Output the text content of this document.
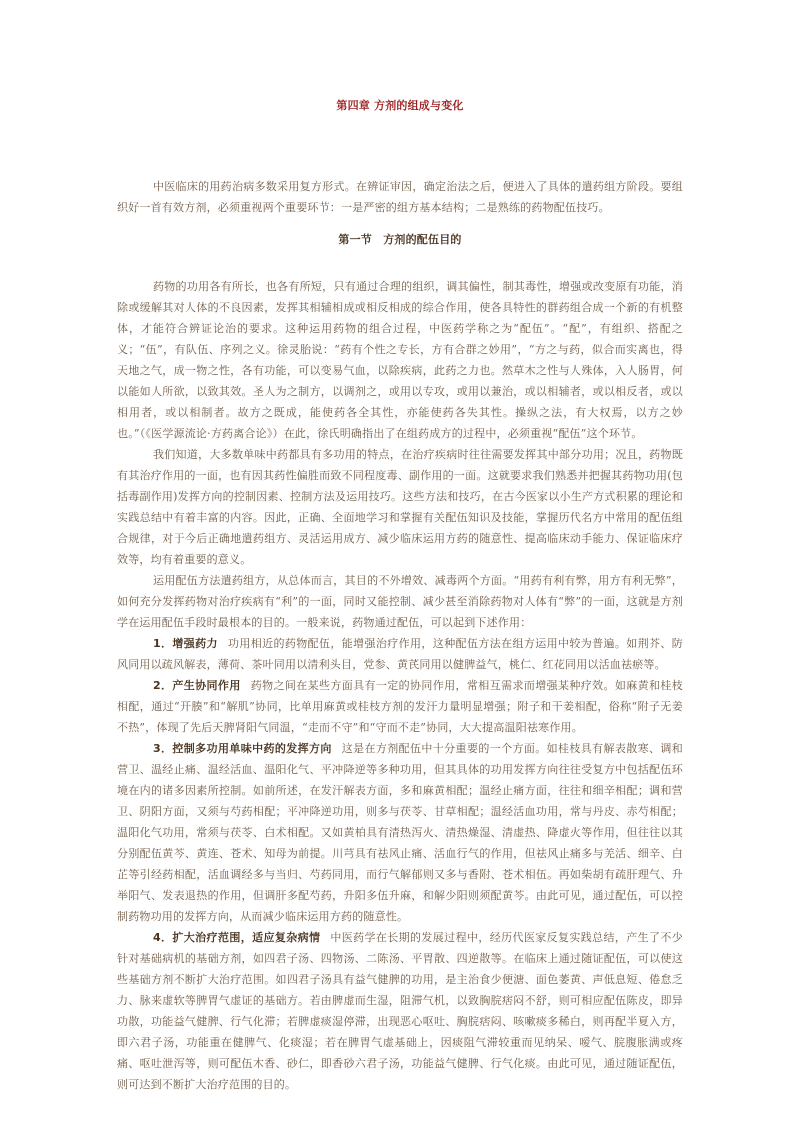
第四章 方剂的组成与变化

中医临床的用药治病多数采用复方形式。在辨证审因，确定治法之后，便进入了具体的遣药组方阶段。要组织好一首有效方剂，必须重视两个重要环节：一是严密的组方基本结构；二是熟练的药物配伍技巧。

第一节　方剂的配伍目的

药物的功用各有所长，也各有所短，只有通过合理的组织，调其偏性，制其毒性，增强或改变原有功能，消除或缓解其对人体的不良因素，发挥其相辅相成或相反相成的综合作用，使各具特性的群药组合成一个新的有机整体，才能符合辨证论治的要求。这种运用药物的组合过程，中医药学称之为“配伍”。“配”，有组织、搭配之义；“伍”，有队伍、序列之义。徐灵胎说：“药有个性之专长，方有合群之妙用”，“方之与药，似合而实离也，得天地之气，成一物之性，各有功能，可以变易气血，以除疾病，此药之力也。然草木之性与人殊体，入人肠胃，何以能如人所欲，以致其效。圣人为之制方，以调剂之，或用以专攻，或用以兼治，或以相辅者，或以相反者，或以相用者，或以相制者。故方之既成，能使药各全其性，亦能使药各失其性。操纵之法，有大权焉，以方之妙也。”（《医学源流论·方药离合论》）在此，徐氏明确指出了在组药成方的过程中，必须重视“配伍”这个环节。

我们知道，大多数单味中药都具有多功用的特点，在治疗疾病时往往需要发挥其中部分功用；况且，药物既有其治疗作用的一面，也有因其药性偏胜而致不同程度毒、副作用的一面。这就要求我们熟悉并把握其药物功用(包括毒副作用)发挥方向的控制因素、控制方法及运用技巧。这些方法和技巧，在古今医家以小生产方式积累的理论和实践总结中有着丰富的内容。因此，正确、全面地学习和掌握有关配伍知识及技能，掌握历代名方中常用的配伍组合规律，对于今后正确地遣药组方、灵活运用成方、减少临床运用方药的随意性、提高临床动手能力、保证临床疗效等，均有着重要的意义。

运用配伍方法遣药组方，从总体而言，其目的不外增效、减毒两个方面。“用药有利有弊，用方有利无弊”，如何充分发挥药物对治疗疾病有“利”的一面，同时又能控制、减少甚至消除药物对人体有“弊”的一面，这就是方剂学在运用配伍手段时最根本的目的。一般来说，药物通过配伍，可以起到下述作用：

1．增强药力 功用相近的药物配伍，能增强治疗作用，这种配伍方法在组方运用中较为普遍。如荆芥、防风同用以疏风解表，薄荷、茶叶同用以清利头目，党参、黄芪同用以健脾益气，桃仁、红花同用以活血祛瘀等。

2．产生协同作用 药物之间在某些方面具有一定的协同作用，常相互需求而增强某种疗效。如麻黄和桂枝相配，通过“开腠”和“解肌”协同，比单用麻黄或桂枝方剂的发汗力量明显增强；附子和干姜相配，俗称“附子无姜不热”，体现了先后天脾肾阳气同温，“走而不守”和“守而不走”协同，大大提高温阳祛寒作用。

3．控制多功用单味中药的发挥方向 这是在方剂配伍中十分重要的一个方面。如桂枝具有解表散寒、调和营卫、温经止痛、温经活血、温阳化气、平冲降逆等多种功用，但其具体的功用发挥方向往往受复方中包括配伍环境在内的诸多因素所控制。如前所述，在发汗解表方面，多和麻黄相配；温经止痛方面，往往和细辛相配；调和营卫、阴阳方面，又须与芍药相配；平冲降逆功用，则多与茯苓、甘草相配；温经活血功用，常与丹皮、赤芍相配；温阳化气功用，常须与茯苓、白术相配。又如黄柏具有清热泻火、清热燥湿、清虚热、降虚火等作用，但往往以其分别配伍黄芩、黄连、苍术、知母为前提。川芎具有祛风止痛、活血行气的作用，但祛风止痛多与羌活、细辛、白芷等引经药相配，活血调经多与当归、芍药同用，而行气解郁则又多与香附、苍术相伍。再如柴胡有疏肝理气、升举阳气、发表退热的作用，但调肝多配芍药，升阳多伍升麻，和解少阳则须配黄芩。由此可见，通过配伍，可以控制药物功用的发挥方向，从而减少临床运用方药的随意性。

4．扩大治疗范围，适应复杂病情 中医药学在长期的发展过程中，经历代医家反复实践总结，产生了不少针对基础病机的基础方剂，如四君子汤、四物汤、二陈汤、平胃散、四逆散等。在临床上通过随证配伍，可以使这些基础方剂不断扩大治疗范围。如四君子汤具有益气健脾的功用，是主治食少便溏、面色萎黄、声低息短、倦怠乏力、脉来虚软等脾胃气虚证的基础方。若由脾虚而生湿，阻滞气机，以致胸脘痞闷不舒，则可相应配伍陈皮，即异功散，功能益气健脾、行气化滞；若脾虚痰湿停滞，出现恶心呕吐、胸脘痞闷、咳嗽痰多稀白，则再配半夏入方，即六君子汤，功能重在健脾气、化痰湿；若在脾胃气虚基础上，因痰阻气滞较重而见纳呆、嗳气、脘腹胀满或疼痛、呕吐泄泻等，则可配伍木香、砂仁，即香砂六君子汤，功能益气健脾、行气化痰。由此可见，通过随证配伍，则可达到不断扩大治疗范围的目的。
